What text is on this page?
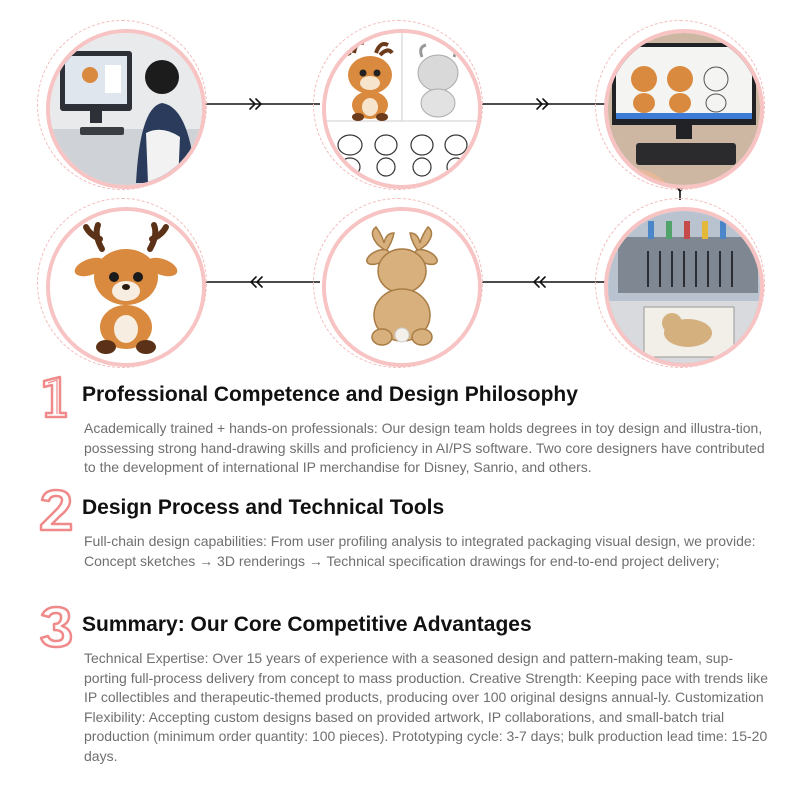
Professional Competence and Design Philosophy

Academically trained + hands-on professionals: Our design team holds degrees in toy design and illustra-tion, possessing strong hand-drawing skills and proficiency in AI/PS software. Two core designers have contributed to the development of international IP merchandise for Disney, Sanrio, and others.

Design Process and Technical Tools

Full-chain design capabilities: From user profiling analysis to integrated packaging visual design, we provide:

Concept sketches → 3D renderings → Technical specification drawings for end-to-end project delivery;

Summary: Our Core Competitive Advantages

Technical Expertise: Over 15 years of experience with a seasoned design and pattern-making team, sup-porting full-process delivery from concept to mass production. Creative Strength: Keeping pace with trends like IP collectibles and therapeutic-themed products, producing over 100 original designs annual-ly. Customization Flexibility: Accepting custom designs based on provided artwork, IP collaborations, and small-batch trial production (minimum order quantity: 100 pieces). Prototyping cycle: 3-7 days; bulk production lead time: 15-20 days.
